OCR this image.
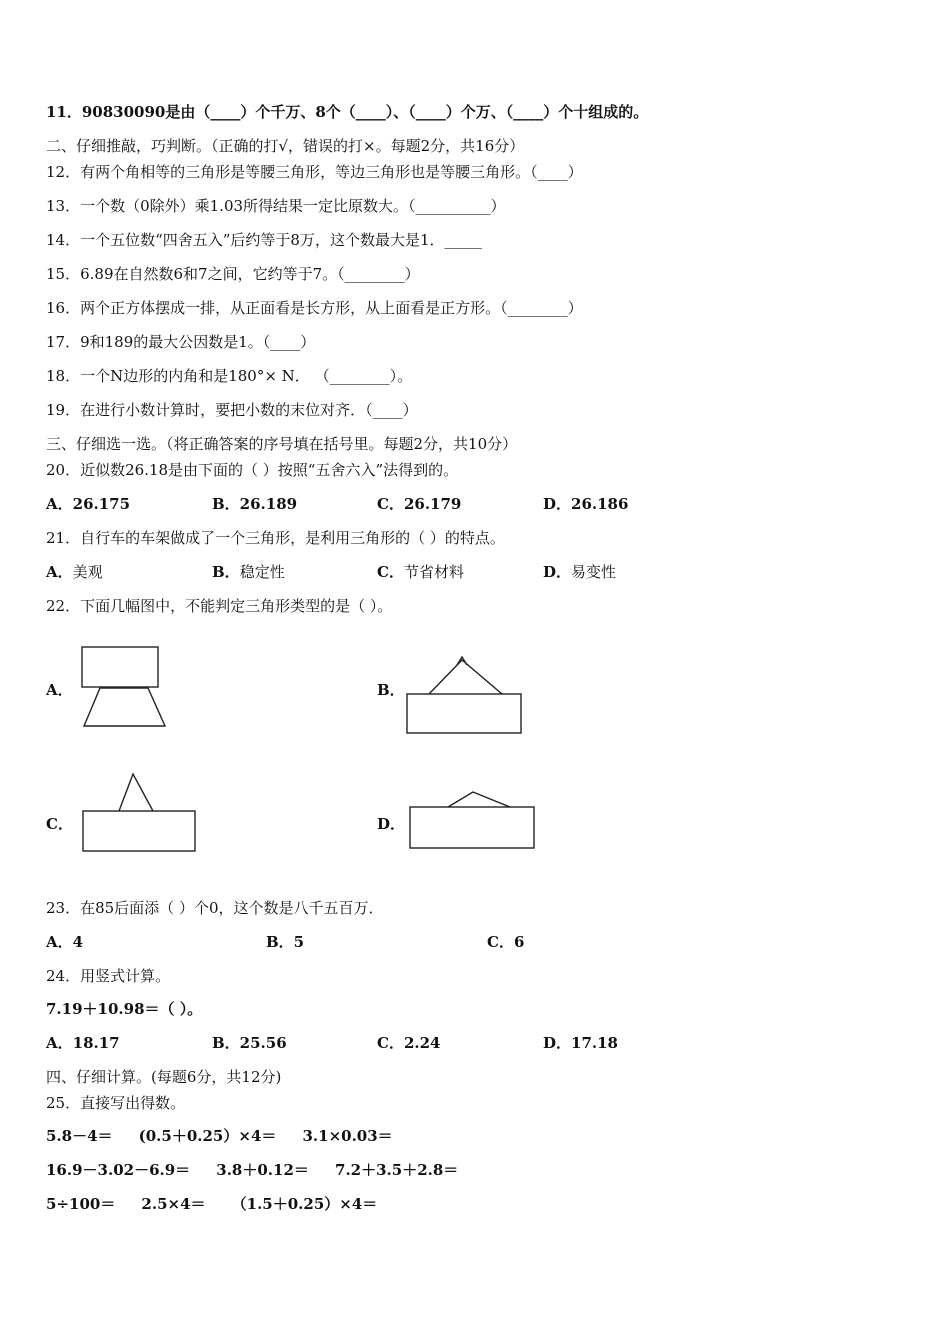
11．90830090是由（____）个千万、8个（____）、（____）个万、（____）个十组成的。
二、仔细推敲，巧判断。（正确的打√，错误的打×。每题2分，共16分）
12．有两个角相等的三角形是等腰三角形，等边三角形也是等腰三角形。（____）
13．一个数（0除外）乘1.03所得结果一定比原数大。（__________）
14．一个五位数“四舍五入”后约等于8万，这个数最大是1．_____
15．6.89在自然数6和7之间，它约等于7。（________）
16．两个正方体摆成一排，从正面看是长方形，从上面看是正方形。（________）
17．9和189的最大公因数是1。（____）
18．一个N边形的内角和是180°× N． （________）。
19．在进行小数计算时，要把小数的末位对齐．（____）
三、仔细选一选。（将正确答案的序号填在括号里。每题2分，共10分）
20．近似数26.18是由下面的（ ）按照“五舍六入”法得到的。
A．26.175	B．26.189	C．26.179	D．26.186
21．自行车的车架做成了一个三角形，是利用三角形的（ ）的特点。
A．美观	B．稳定性	C．节省材料	D．易变性
22．下面几幅图中，不能判定三角形类型的是（ ）。
A．	B．
C．	D．
23．在85后面添（ ）个0，这个数是八千五百万．
A．4	B．5	C．6
24．用竖式计算。
7.19＋10.98＝（ ）。
A．18.17	B．25.56	C．2.24	D．17.18
四、仔细计算。(每题6分，共12分)
25．直接写出得数。
5.8－4＝     (0.5＋0.25）×4＝     3.1×0.03＝
16.9－3.02－6.9＝     3.8＋0.12＝     7.2＋3.5＋2.8＝
5÷100＝     2.5×4＝     （1.5＋0.25）×4＝
